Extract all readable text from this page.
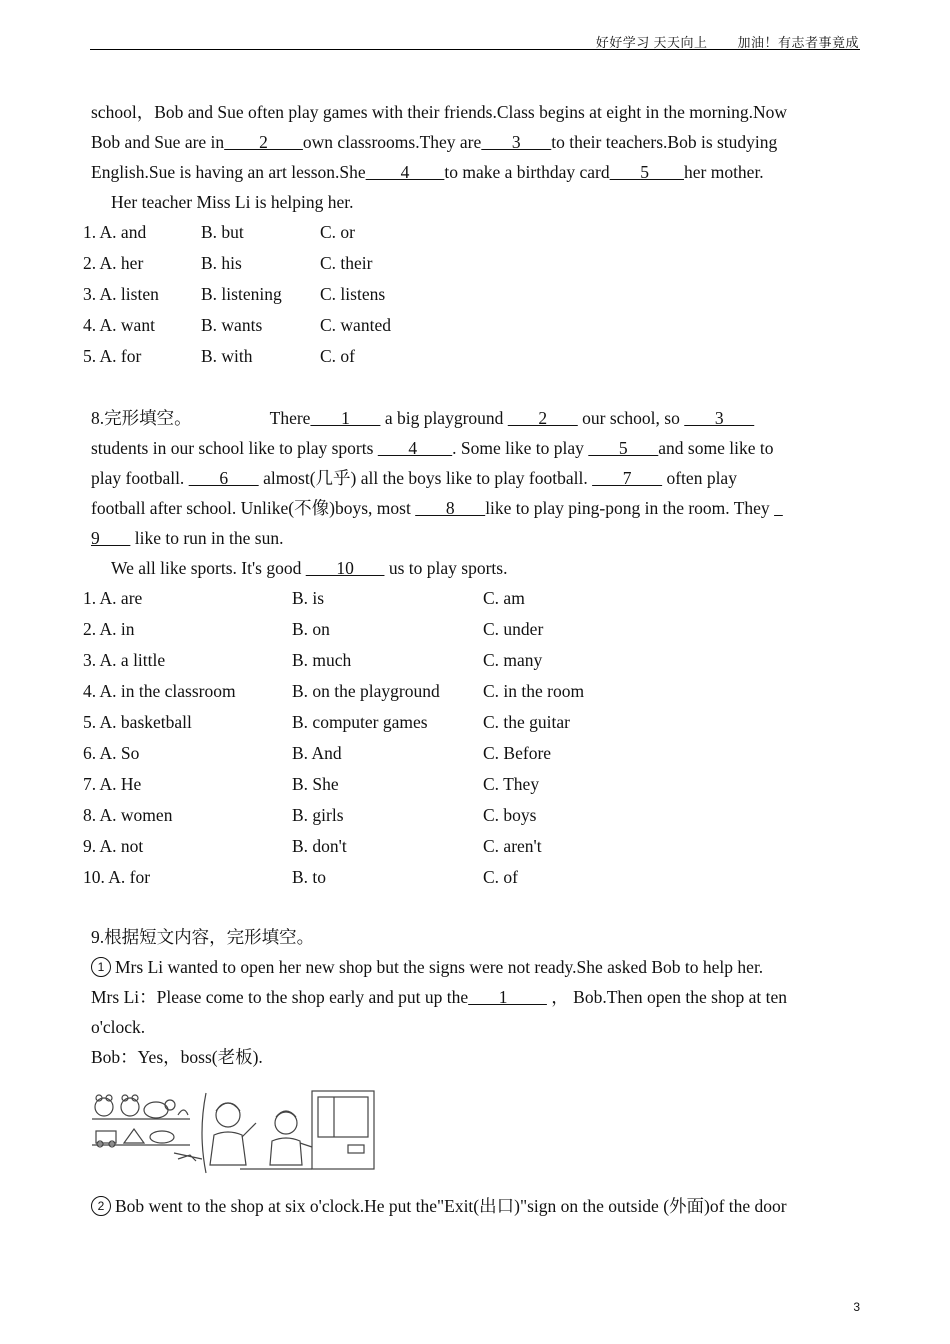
好好学习 天天向上        加油！有志者事竟成
school，Bob and Sue often play games with their friends.Class begins at eight in the morning.Now
Bob and Sue are in        2        own classrooms.They are       3       to their teachers.Bob is studying
English.Sue is having an art lesson.She        4        to make a birthday card       5        her mother.
Her teacher Miss Li is helping her.
1. A. and	B. but	C. or
2. A. her	B. his	C. their
3. A. listen B. listening C. listens
4. A. want	B. wants	C. wanted
5. A. for	B. with	C. of
8.完形填空。	There       1        a big playground        2        our school, so        3
students in our school like to play sports        4        . Some like to play        5       and some like to
play football.        6        almost(几乎) all the boys like to play football.        7        often play
football after school. Unlike(不像)boys, most        8       like to play ping-pong in the room. They
9        like to run in the sun.
We all like sports. It's good        10        us to play sports.
1. A. are	B. is	C. am
2. A. in	B. on	C. under
3. A. a little	B. much	C. many
4. A. in the classroom	B. on the playground C. in the room
5. A. basketball	B. computer games	C. the guitar
6. A. So	B. And	C. Before
7. A. He	B. She	C. They
8. A. women	B. girls	C. boys
9. A. not	B. don't	C. aren't
10. A. for	B. to	C. of
9.根据短文内容，完形填空。
1 Mrs Li wanted to open her new shop but the signs were not ready.She asked Bob to help her.
Mrs Li：Please come to the shop early and put up the       1          ， Bob.Then open the shop at ten
o'clock.
Bob：Yes，boss(老板).
2 Bob went to the shop at six o'clock.He put the"Exit(出口)"sign on the outside (外面)of the door
3
